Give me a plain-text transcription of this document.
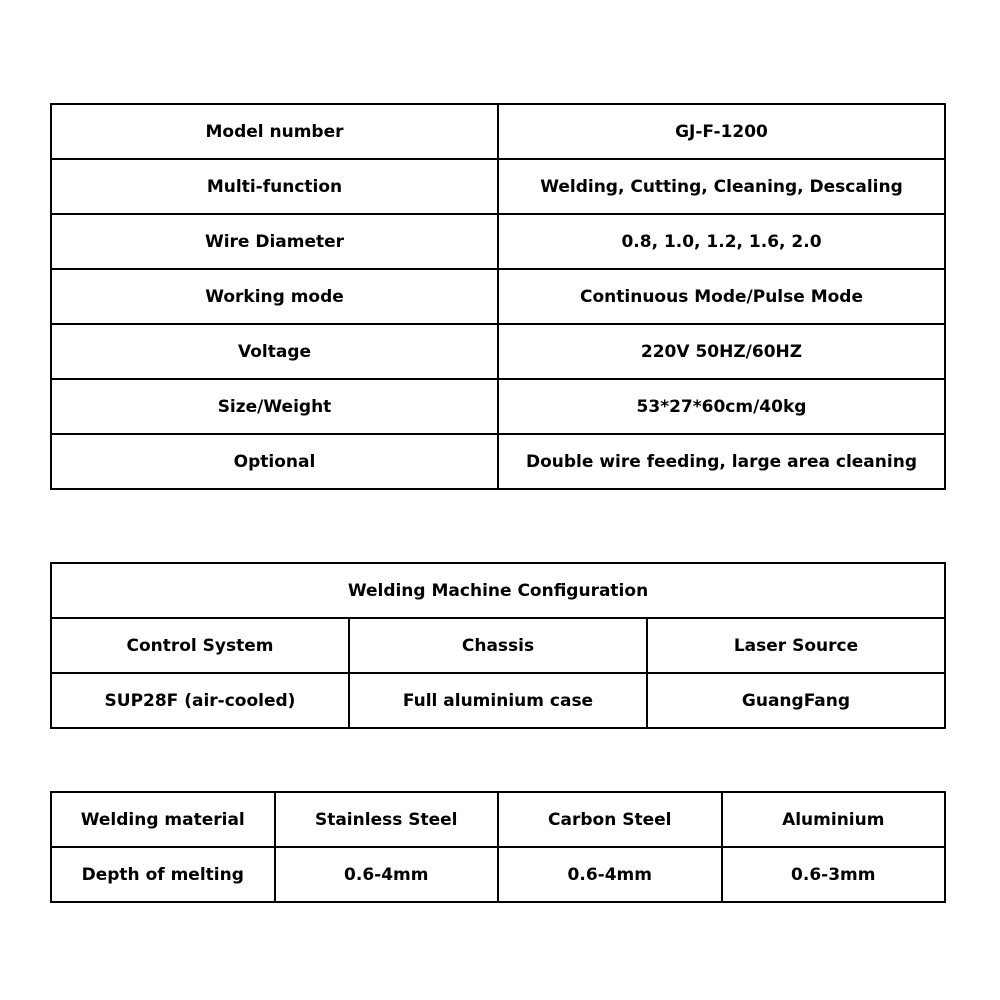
Model number	GJ-F-1200
Multi-function	Welding, Cutting, Cleaning, Descaling
Wire Diameter	0.8, 1.0, 1.2, 1.6, 2.0
Working mode	Continuous Mode/Pulse Mode
Voltage	220V 50HZ/60HZ
Size/Weight	53*27*60cm/40kg
Optional	Double wire feeding, large area cleaning
Welding Machine Configuration		
Control System	Chassis	Laser Source
SUP28F (air-cooled)	Full aluminium case	GuangFang
Welding material	Stainless Steel	Carbon Steel	Aluminium
Depth of melting	0.6-4mm	0.6-4mm	0.6-3mm
